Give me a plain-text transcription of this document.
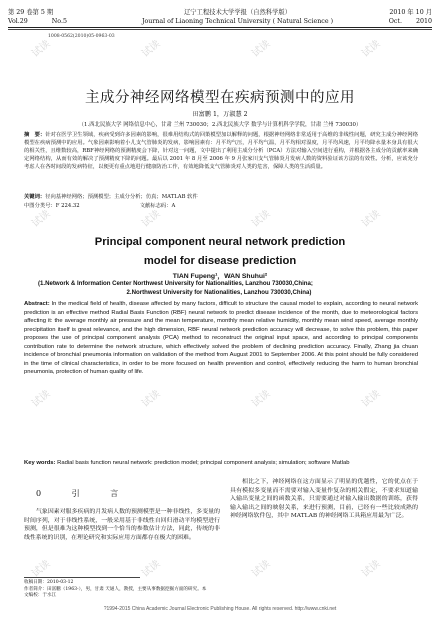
试读	试读	试读	试读
试读	试读	试读	试读
试读	试读	试读	试读
试读	试读	试读	试读
第 29 卷第 5 期	辽宁工程技术大学学报（自然科学版）	2010 年 10 月
Vol.29	No.5	Journal of Liaoning Technical University ( Natural Science )	Oct. 2010
1008-0562(2010)05-0963-03
主成分神经网络模型在疾病预测中的应用
田富鹏 1，万淑慧 2
（1.西北民族大学 网络信息中心，甘肃 兰州 730030；2.西北民族大学 数学与计算机科学学院，甘肃 兰州 730030）
摘　要：针对在医学卫生领域，疾病受到许多因素的影响，很难用结构式的回策模型加以解释的问题，根据神经网络非常适用于高维的非线性问题，研究主成分神经网络模型在疾病预测中的应用。气象因素影响着小儿支气管肺炎的发病，影响因素有：月平均气压，月平均气温，月平均相对湿度，月平均风速，月平均降水量本身具有很大的相关性，且维数较高，RBF神经网络的预测精度会下降，针对这一问题，文中提出了利用主成分分析（PCA）方法对输入空间进行重构，并根据各主成分的贡献率来确定网络结构，从而有效的解决了预测精度下降的问题。最后以 2001 年 8 月至 2006 年 9 月张家川支气管肺炎月发病人数的资料验证该方法的有效性。分析，应该充分考虑人在各时间段的发病特征，以便更有重点地进行健康防治工作，有效地降低支气管肺炎对人类的危害，保障人类的生活质量。
关键词：径向基神经网络；预测模型；主成分分析；仿真；MATLAB 软件
中图分类号：F 224.32	文献标志码：A
Principal component neural network prediction
model for disease prediction
TIAN Fupeng¹，WAN Shuhui²
(1.Network & Information Center Northwest University for Nationalities, Lanzhou 730030,China;
2.Northwest University for Nationalities, Lanzhou 730030,China)
Abstract: In the medical field of health, disease affected by many factors, difficult to structure the causal model to explain, according to neural network prediction is an effective method Radial Basis Function (RBF) neural network to predict disease incidence of the month, due to meteorological factors affecting it: the average monthly air pressure and the mean temperature, monthly mean relative humidity, monthly mean wind speed, average monthly precipitation itself is great relevance, and the high dimension, RBF neural network prediction accuracy will decrease, to solve this problem, this paper proposes the use of principal component analysis (PCA) method to reconstruct the original input space, and according to principal components contribution rate to determine the network structure, which effectively solved the problem of declining prediction accuracy. Finally, Zhang jia chuan incidence of bronchial pneumonia information on validation of the method from August 2001 to September 2006. At this point should be fully considered in the time of clinical characteristics, in order to be more focused on health prevention and control, effectively reducing the harm to human bronchial pneumonia, protection of human quality of life.
Key words: Radial basis function neural network: prediction model; principal component analysis; simulation; software Matlab
0 引 言
气象因素对服多疾病的月发病人数的预测模型是一种非线性，多变量的时间序列，对于非线性系统，一般采用基于非线性自回归滑动平均模型进行预测，但是很难为这种模型找到一个恰当的参数估计方法，同此，传统的非线性系统的识别，在理论研究和实际应用方面都存在极大的困难。
相比之下，神经网络在这方面显示了明显的优越性，它的优点在于具有模拟多变量而不需要对输入变量作复杂的相关假定，不要求知道输入输出变量之间的函数关系，只需要通过对输入输出数据的训练，获得输入输出之间的映射关系，来进行预测，目前，已经有一些比较成熟的神经网络软件包，其中 MATLAB 的神经网络工具箱应用最为广泛。
收稿日期：2010-03-12
作者简介：田富鹏（1963-），男，甘肃 天通人，教授，主要从事数据挖掘方面的研究。本文编校：于水江
?1994-2015 China Academic Journal Electronic Publishing House. All rights reserved. http://www.cnki.net
